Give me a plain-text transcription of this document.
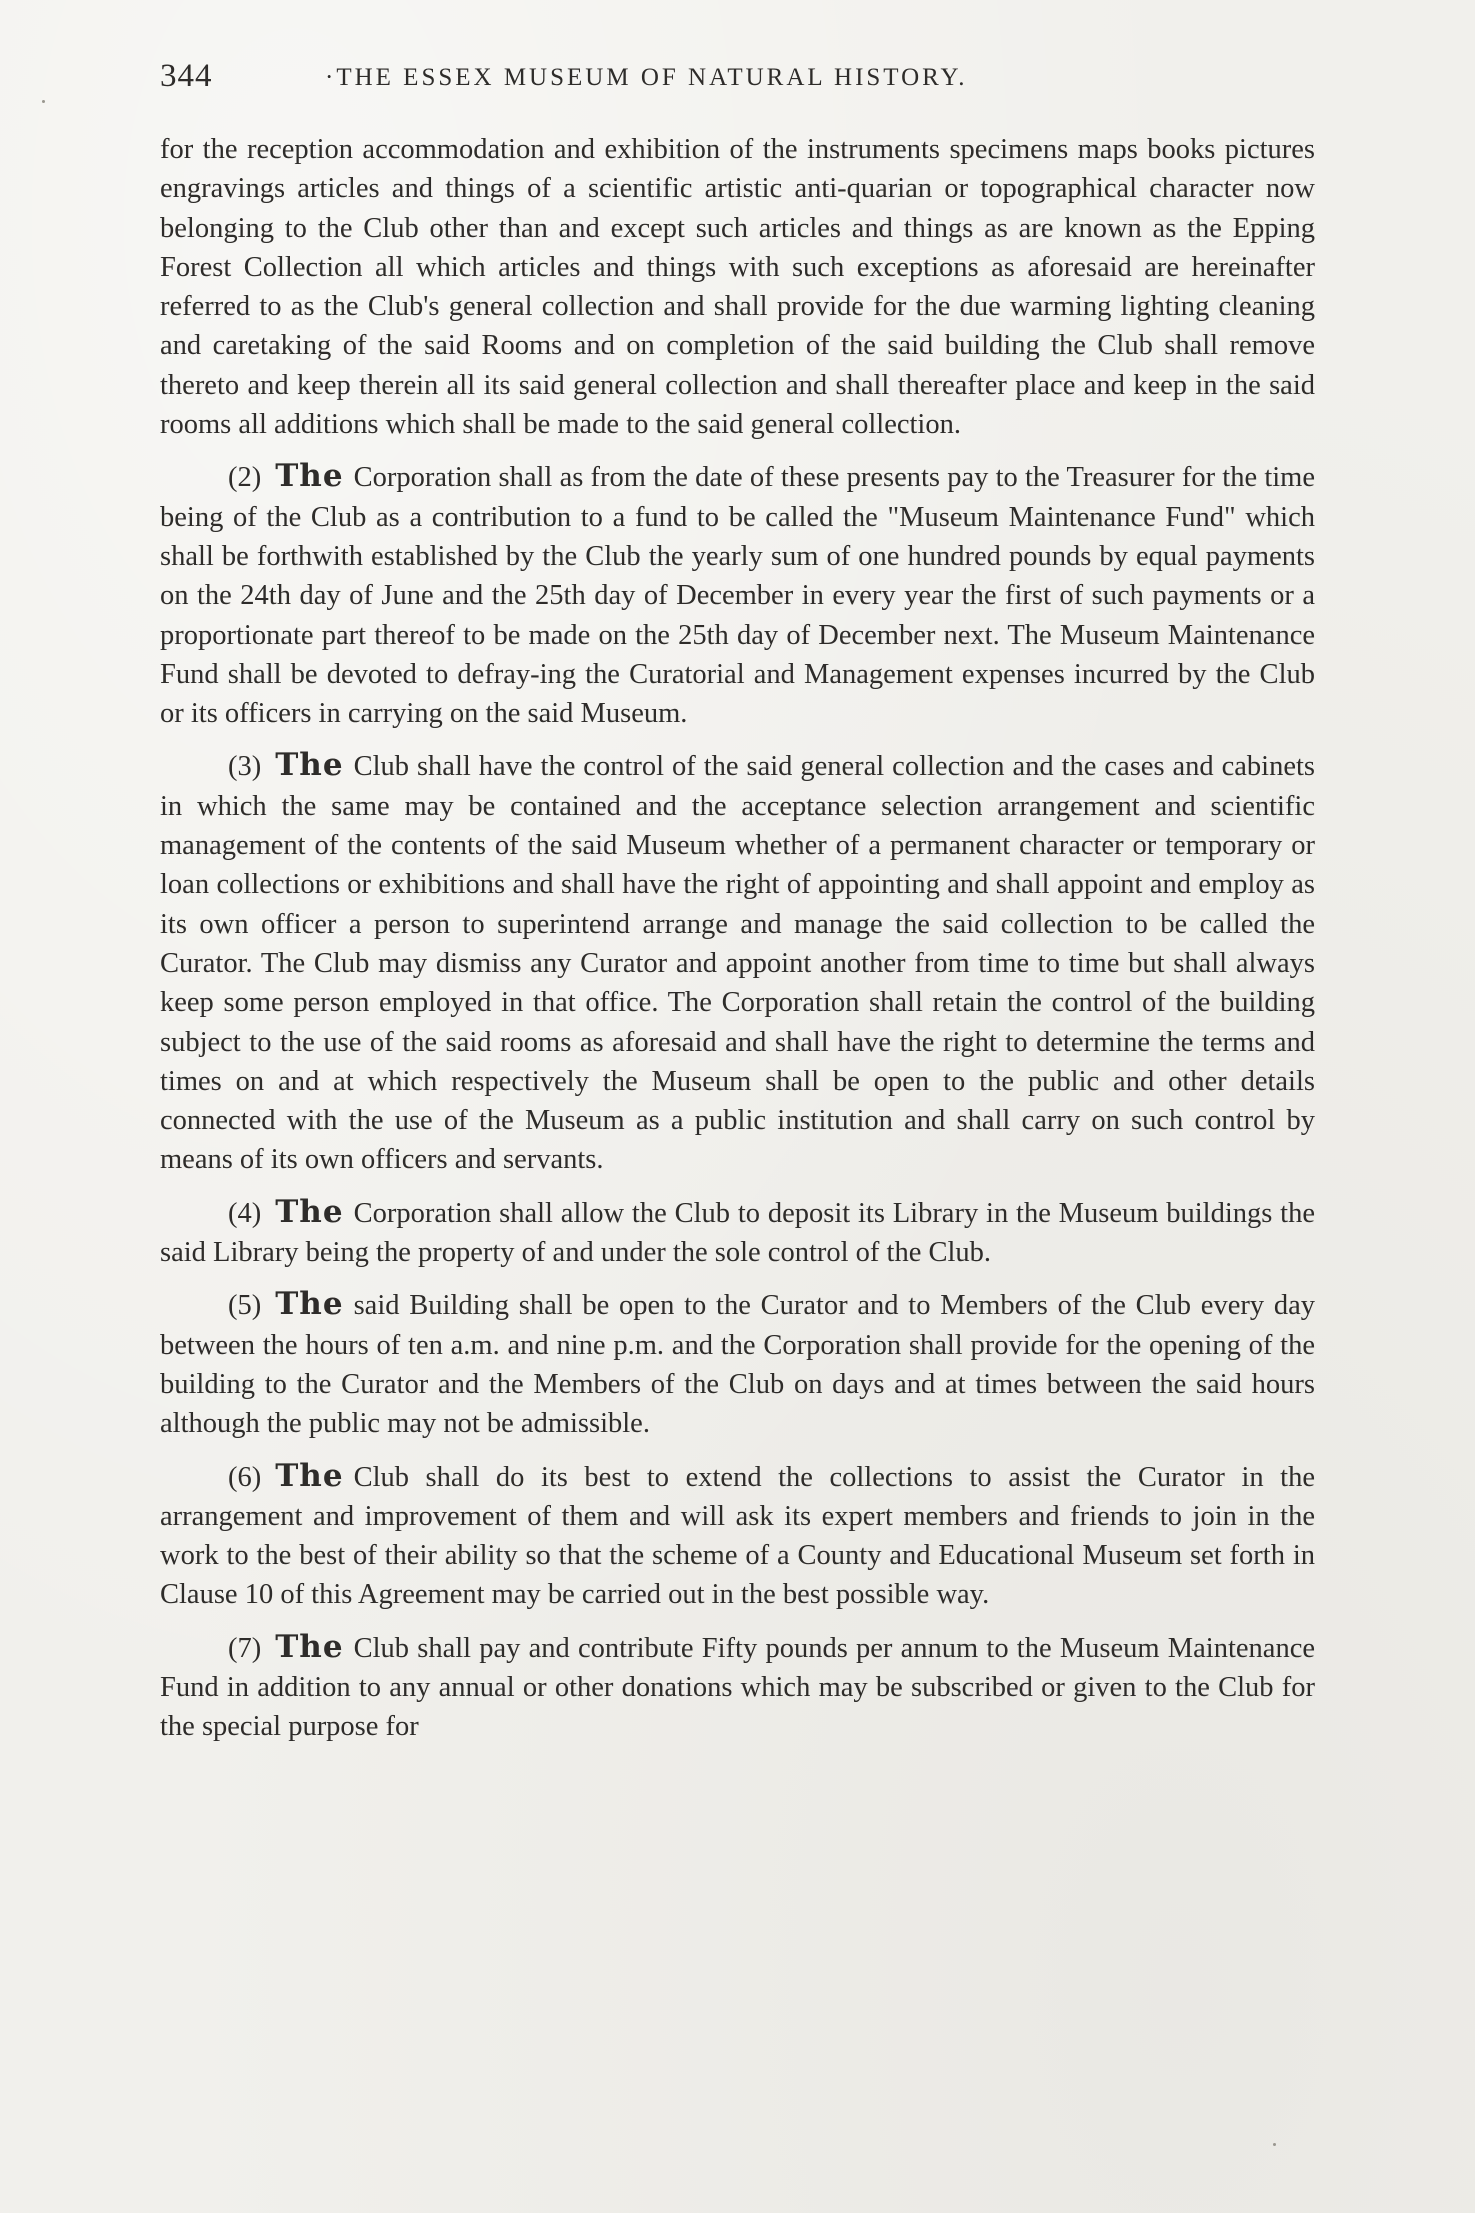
344	·THE ESSEX MUSEUM OF NATURAL HISTORY.

for the reception accommodation and exhibition of the instruments specimens maps books pictures engravings articles and things of a scientific artistic anti-quarian or topographical character now belonging to the Club other than and except such articles and things as are known as the Epping Forest Collection all which articles and things with such exceptions as aforesaid are hereinafter referred to as the Club's general collection and shall provide for the due warming lighting cleaning and caretaking of the said Rooms and on completion of the said building the Club shall remove thereto and keep therein all its said general collection and shall thereafter place and keep in the said rooms all additions which shall be made to the said general collection.

(2) The Corporation shall as from the date of these presents pay to the Treasurer for the time being of the Club as a contribution to a fund to be called the "Museum Maintenance Fund" which shall be forthwith established by the Club the yearly sum of one hundred pounds by equal payments on the 24th day of June and the 25th day of December in every year the first of such payments or a proportionate part thereof to be made on the 25th day of December next. The Museum Maintenance Fund shall be devoted to defray-ing the Curatorial and Management expenses incurred by the Club or its officers in carrying on the said Museum.

(3) The Club shall have the control of the said general collection and the cases and cabinets in which the same may be contained and the acceptance selection arrangement and scientific management of the contents of the said Museum whether of a permanent character or temporary or loan collections or exhibitions and shall have the right of appointing and shall appoint and employ as its own officer a person to superintend arrange and manage the said collection to be called the Curator. The Club may dismiss any Curator and appoint another from time to time but shall always keep some person employed in that office. The Corporation shall retain the control of the building subject to the use of the said rooms as aforesaid and shall have the right to determine the terms and times on and at which respectively the Museum shall be open to the public and other details connected with the use of the Museum as a public institution and shall carry on such control by means of its own officers and servants.

(4) The Corporation shall allow the Club to deposit its Library in the Museum buildings the said Library being the property of and under the sole control of the Club.

(5) The said Building shall be open to the Curator and to Members of the Club every day between the hours of ten a.m. and nine p.m. and the Corporation shall provide for the opening of the building to the Curator and the Members of the Club on days and at times between the said hours although the public may not be admissible.

(6) The Club shall do its best to extend the collections to assist the Curator in the arrangement and improvement of them and will ask its expert members and friends to join in the work to the best of their ability so that the scheme of a County and Educational Museum set forth in Clause 10 of this Agreement may be carried out in the best possible way.

(7) The Club shall pay and contribute Fifty pounds per annum to the Museum Maintenance Fund in addition to any annual or other donations which may be subscribed or given to the Club for the special purpose for
